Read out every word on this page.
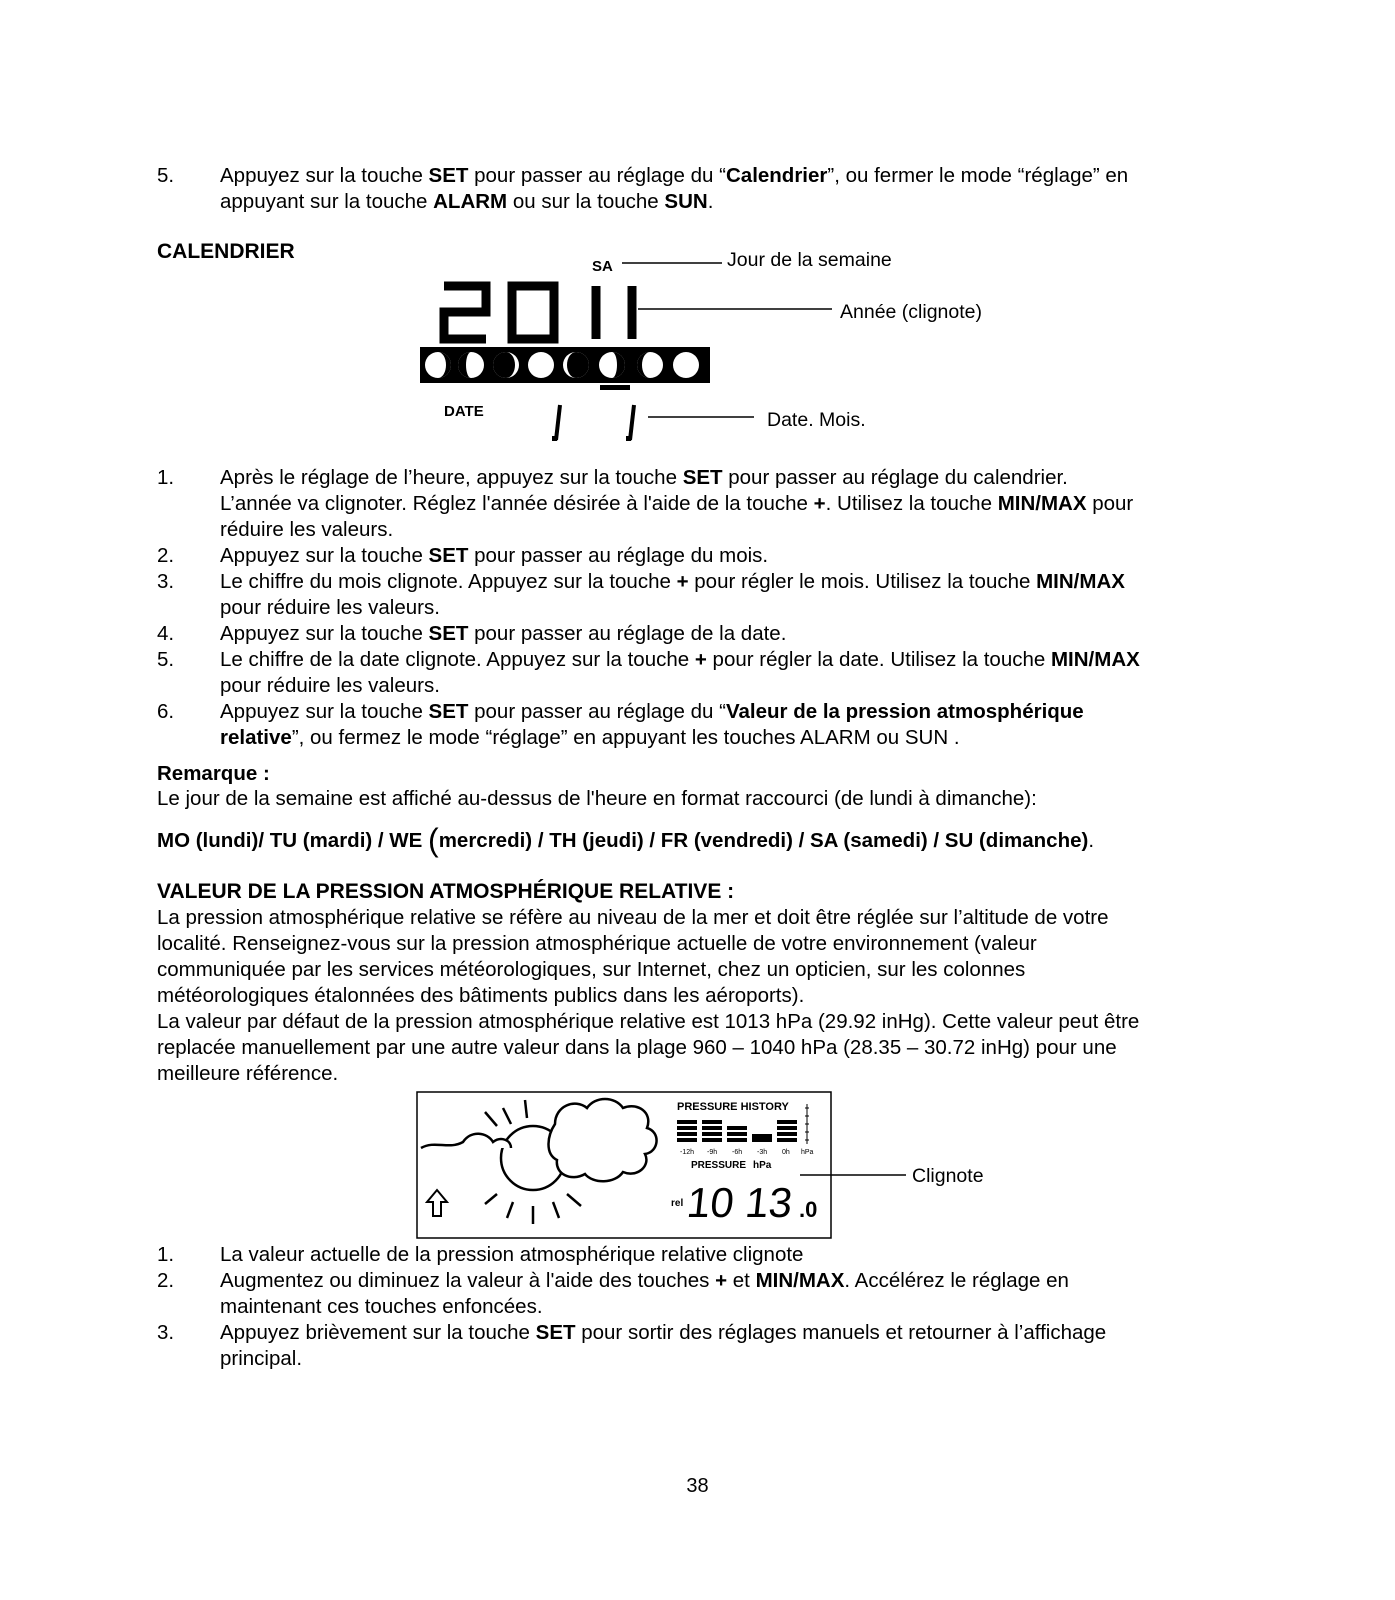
5.	Appuyez sur la touche SET pour passer au réglage du “Calendrier”, ou fermer le mode “réglage” en

appuyant sur la touche ALARM ou sur la touche SUN.

CALENDRIER
SA
DATE
Jour de la semaine
Année (clignote)
Date. Mois.
1.	Après le réglage de l’heure, appuyez sur la touche SET pour passer au réglage du calendrier.

L’année va clignoter. Réglez l'année désirée à l'aide de la touche +. Utilisez la touche MIN/MAX pour

réduire les valeurs.

2.	Appuyez sur la touche SET pour passer au réglage du mois.

3.	Le chiffre du mois clignote. Appuyez sur la touche + pour régler le mois. Utilisez la touche MIN/MAX

pour réduire les valeurs.

4.	Appuyez sur la touche SET pour passer au réglage de la date.

5.	Le chiffre de la date clignote. Appuyez sur la touche + pour régler la date. Utilisez la touche MIN/MAX

pour réduire les valeurs.

6.	Appuyez sur la touche SET pour passer au réglage du “Valeur de la pression atmosphérique

relative”, ou fermez le mode “réglage” en appuyant les touches ALARM ou SUN .

Remarque :
Le jour de la semaine est affiché au-dessus de l'heure en format raccourci (de lundi à dimanche):
MO (lundi)/ TU (mardi) / WE (mercredi) / TH (jeudi) / FR (vendredi) / SA (samedi) / SU (dimanche).
VALEUR DE LA PRESSION ATMOSPHÉRIQUE RELATIVE :
La pression atmosphérique relative se réfère au niveau de la mer et doit être réglée sur l’altitude de votre
localité. Renseignez-vous sur la pression atmosphérique actuelle de votre environnement (valeur
communiquée par les services météorologiques, sur Internet, chez un opticien, sur les colonnes
météorologiques étalonnées des bâtiments publics dans les aéroports).
La valeur par défaut de la pression atmosphérique relative est 1013 hPa (29.92 inHg). Cette valeur peut être
replacée manuellement par une autre valeur dans la plage 960 – 1040 hPa (28.35 – 30.72 inHg) pour une
meilleure référence.
PRESSURE HISTORY
-12h -9h -6h -3h 0h hPa
PRESSURE hPa
rel 10 13 .0
Clignote
1.	La valeur actuelle de la pression atmosphérique relative clignote

2.	Augmentez ou diminuez la valeur à l'aide des touches + et MIN/MAX. Accélérez le réglage en

maintenant ces touches enfoncées.

3.	Appuyez brièvement sur la touche SET pour sortir des réglages manuels et retourner à l’affichage

principal.

38
